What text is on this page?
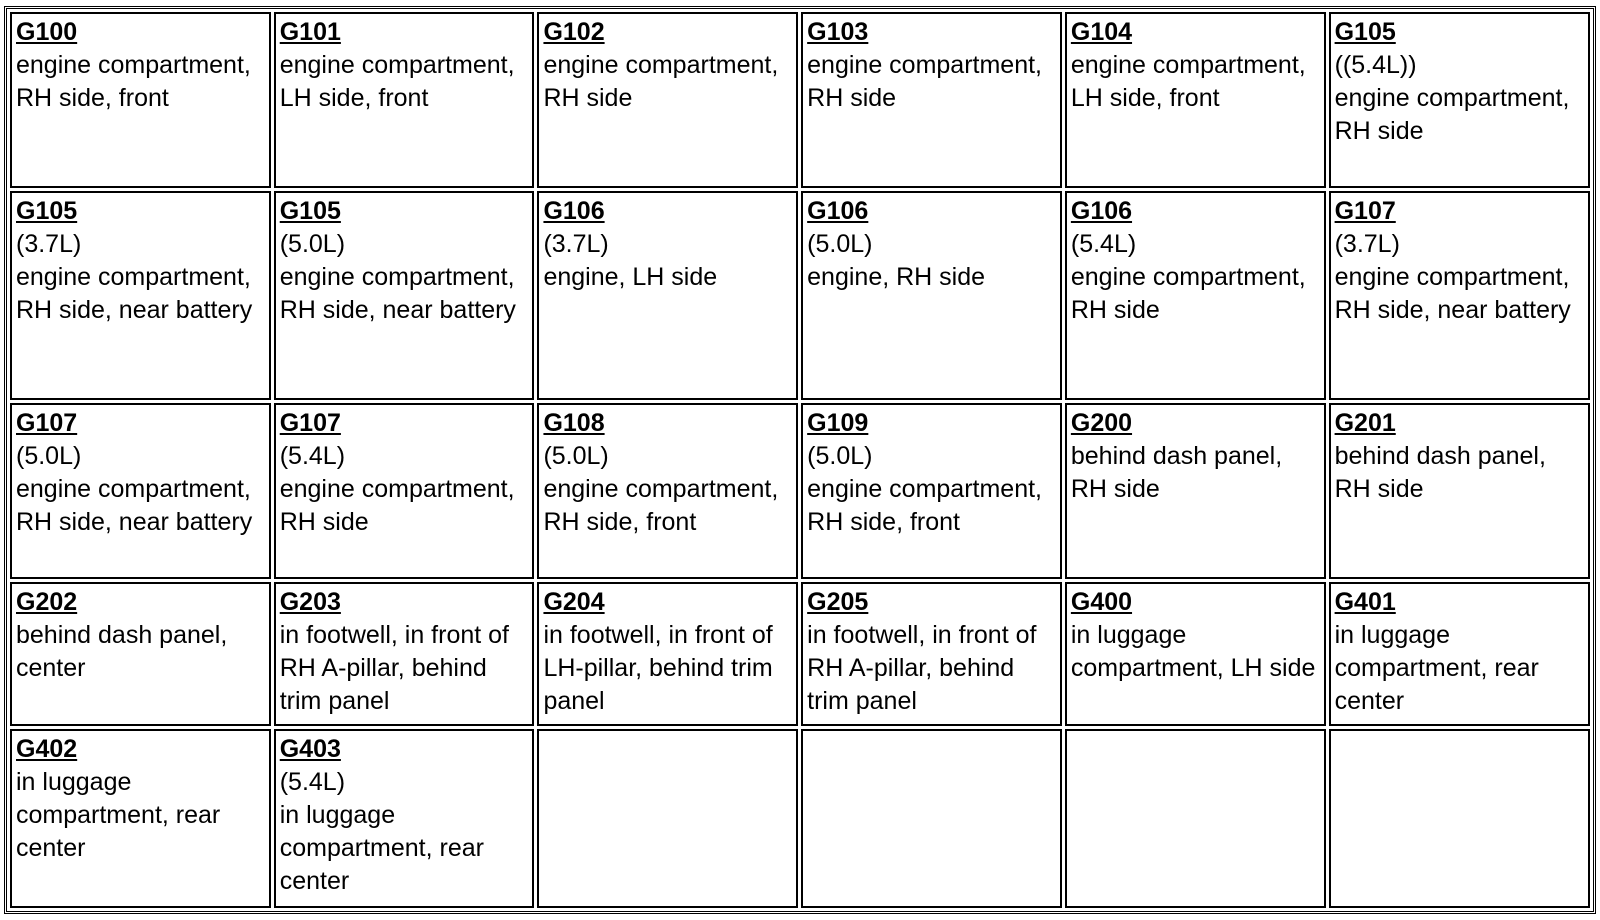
G100
engine compartment, RH side, front	G101
engine compartment, LH side, front	G102
engine compartment, RH side	G103
engine compartment, RH side	G104
engine compartment, LH side, front	G105
((5.4L))
engine compartment, RH side

G105
(3.7L)
engine compartment, RH side, near battery	G105
(5.0L)
engine compartment, RH side, near battery	G106
(3.7L)
engine, LH side	G106
(5.0L)
engine, RH side	G106
(5.4L)
engine compartment, RH side	G107
(3.7L)
engine compartment, RH side, near battery

G107
(5.0L)
engine compartment, RH side, near battery	G107
(5.4L)
engine compartment, RH side	G108
(5.0L)
engine compartment, RH side, front	G109
(5.0L)
engine compartment, RH side, front	G200
behind dash panel, RH side	G201
behind dash panel, RH side

G202
behind dash panel, center	G203
in footwell, in front of RH A-pillar, behind trim panel	G204
in footwell, in front of LH-pillar, behind trim panel	G205
in footwell, in front of RH A-pillar, behind trim panel	G400
in luggage compartment, LH side	G401
in luggage compartment, rear center

G402
in luggage compartment, rear center	G403
(5.4L)
in luggage compartment, rear center				
